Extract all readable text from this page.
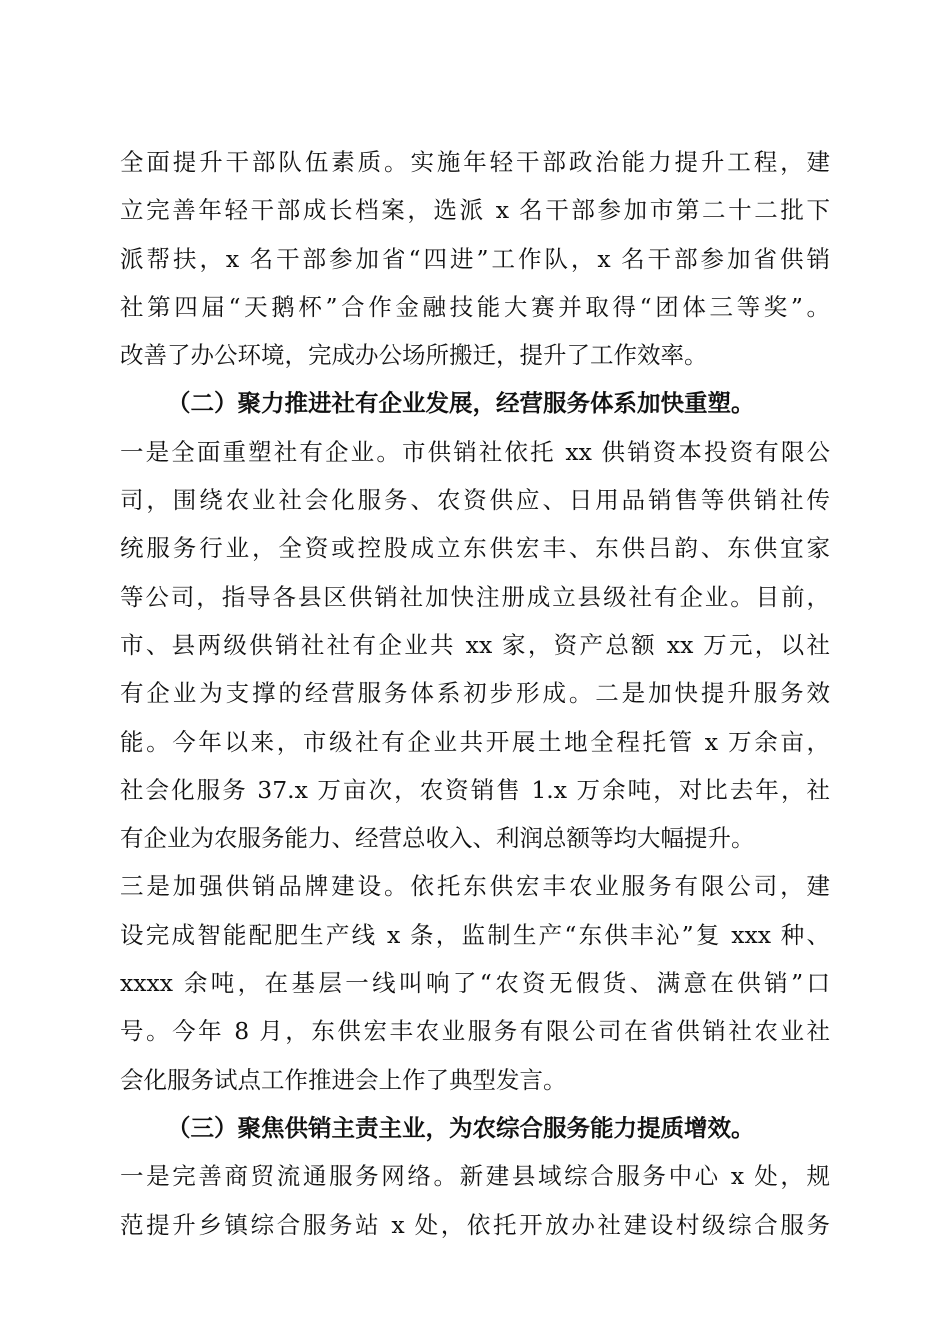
全面提升干部队伍素质。实施年轻干部政治能力提升工程，建
立完善年轻干部成长档案，选派 x 名干部参加市第二十二批下
派帮扶，x 名干部参加省“四进”工作队，x 名干部参加省供销
社第四届“天鹅杯”合作金融技能大赛并取得“团体三等奖”。
改善了办公环境，完成办公场所搬迁，提升了工作效率。
（二）聚力推进社有企业发展，经营服务体系加快重塑。
一是全面重塑社有企业。市供销社依托 xx 供销资本投资有限公
司，围绕农业社会化服务、农资供应、日用品销售等供销社传
统服务行业，全资或控股成立东供宏丰、东供吕韵、东供宜家
等公司，指导各县区供销社加快注册成立县级社有企业。目前，
市、县两级供销社社有企业共 xx 家，资产总额 xx 万元，以社
有企业为支撑的经营服务体系初步形成。二是加快提升服务效
能。今年以来，市级社有企业共开展土地全程托管 x 万余亩，
社会化服务 37.x 万亩次，农资销售 1.x 万余吨，对比去年，社
有企业为农服务能力、经营总收入、利润总额等均大幅提升。
三是加强供销品牌建设。依托东供宏丰农业服务有限公司，建
设完成智能配肥生产线 x 条，监制生产“东供丰沁”复 xxx 种、
xxxx 余吨，在基层一线叫响了“农资无假货、满意在供销”口
号。今年 8 月，东供宏丰农业服务有限公司在省供销社农业社
会化服务试点工作推进会上作了典型发言。
（三）聚焦供销主责主业，为农综合服务能力提质增效。
一是完善商贸流通服务网络。新建县域综合服务中心 x 处，规
范提升乡镇综合服务站 x 处，依托开放办社建设村级综合服务
